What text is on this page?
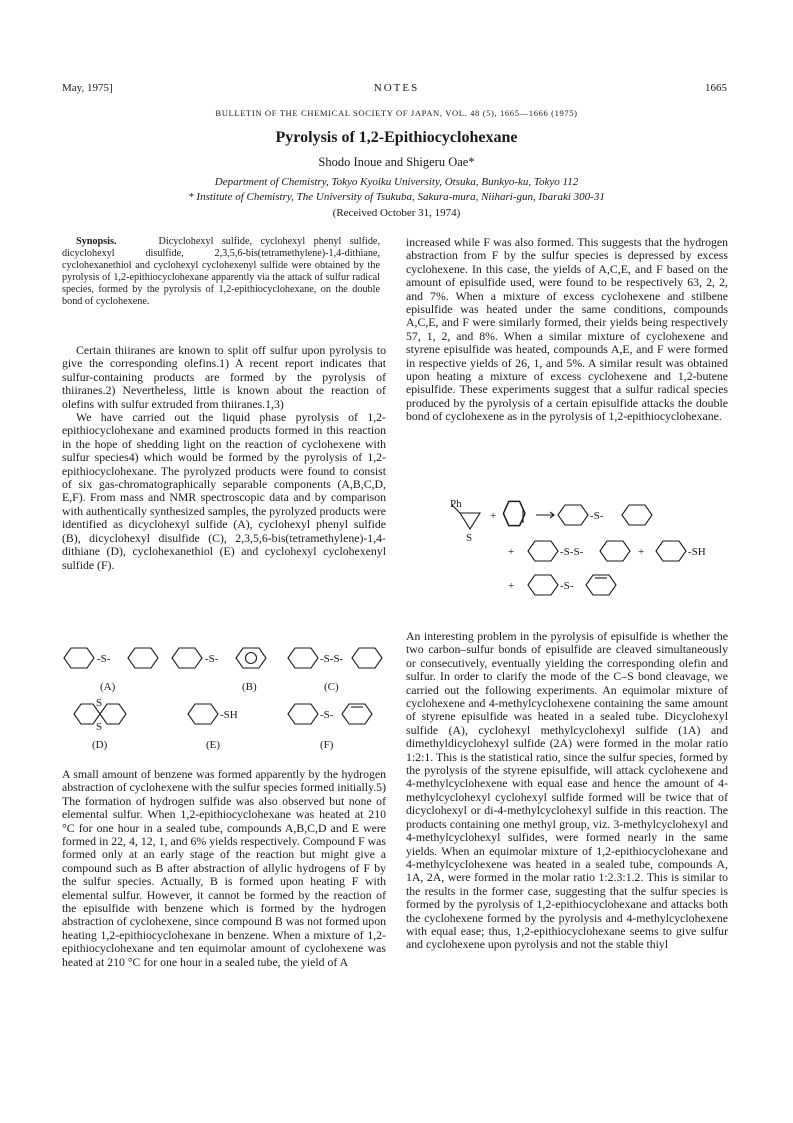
May, 1975]	NOTES	1665
BULLETIN OF THE CHEMICAL SOCIETY OF JAPAN, VOL. 48 (5), 1665—1666 (1975)
Pyrolysis of 1,2-Epithiocyclohexane
Shodo Inoue and Shigeru Oae*
Department of Chemistry, Tokyo Kyoiku University, Otsuka, Bunkyo-ku, Tokyo 112
* Institute of Chemistry, The University of Tsukuba, Sakura-mura, Niihari-gun, Ibaraki 300-31
(Received October 31, 1974)

Synopsis.	Dicyclohexyl sulfide, cyclohexyl phenyl sulfide, dicyclohexyl disulfide, 2,3,5,6-bis(tetramethylene)-1,4-dithiane, cyclohexanethiol and cyclohexyl cyclohexenyl sulfide were obtained by the pyrolysis of 1,2-epithiocyclohexane apparently via the attack of sulfur radical species, formed by the pyrolysis of 1,2-epithiocyclohexane, on the double bond of cyclohexene.

Certain thiiranes are known to split off sulfur upon pyrolysis to give the corresponding olefins.1) A recent report indicates that sulfur-containing products are formed by the pyrolysis of thiiranes.2) Nevertheless, little is known about the reaction of olefins with sulfur extruded from thiiranes.1,3)

We have carried out the liquid phase pyrolysis of 1,2-epithiocyclohexane and examined products formed in this reaction in the hope of shedding light on the reaction of cyclohexene with sulfur species4) which would be formed by the pyrolysis of 1,2-epithiocyclohexane. The pyrolyzed products were found to consist of six gas-chromatographically separable components (A,B,C,D, E,F). From mass and NMR spectroscopic data and by comparison with authentically synthesized samples, the pyrolyzed products were identified as dicyclohexyl sulfide (A), cyclohexyl phenyl sulfide (B), dicyclohexyl disulfide (C), 2,3,5,6-bis(tetramethylene)-1,4-dithiane (D), cyclohexanethiol (E) and cyclohexyl cyclohexenyl sulfide (F).

-S-	-S-	-S-S-
(A)	(B)	(C)
S
S
-SH	-S-
(D)	(E)	(F)

A small amount of benzene was formed apparently by the hydrogen abstraction of cyclohexene with the sulfur species formed initially.5) The formation of hydrogen sulfide was also observed but none of elemental sulfur. When 1,2-epithiocyclohexane was heated at 210 °C for one hour in a sealed tube, compounds A,B,C,D and E were formed in 22, 4, 12, 1, and 6% yields respectively. Compound F was formed only at an early stage of the reaction but might give a compound such as B after abstraction of allylic hydrogens of F by the sulfur species. Actually, B is formed upon heating F with elemental sulfur. However, it cannot be formed by the reaction of the episulfide with benzene which is formed by the hydrogen abstraction of cyclohexene, since compound B was not formed upon heating 1,2-epithiocyclohexane in benzene. When a mixture of 1,2-epithiocyclohexane and ten equimolar amount of cyclohexene was heated at 210 °C for one hour in a sealed tube, the yield of A

increased while F was also formed. This suggests that the hydrogen abstraction from F by the sulfur species is depressed by excess cyclohexene. In this case, the yields of A,C,E, and F based on the amount of episulfide used, were found to be respectively 63, 2, 2, and 7%. When a mixture of excess cyclohexene and stilbene episulfide was heated under the same conditions, compounds A,C,E, and F were similarly formed, their yields being respectively 57, 1, 2, and 8%. When a similar mixture of cyclohexene and styrene episulfide was heated, compounds A,E, and F were formed in respective yields of 26, 1, and 5%. A similar result was obtained upon heating a mixture of excess cyclohexene and 1,2-butene episulfide. These experiments suggest that a sulfur radical species produced by the pyrolysis of a certain episulfide attacks the double bond of cyclohexene as in the pyrolysis of 1,2-epithiocyclohexane.

Ph
S
+	-S-
+	-S-S-	+	-SH
+	-S-

An interesting problem in the pyrolysis of episulfide is whether the two carbon–sulfur bonds of episulfide are cleaved simultaneously or consecutively, eventually yielding the corresponding olefin and sulfur. In order to clarify the mode of the C–S bond cleavage, we carried out the following experiments. An equimolar mixture of cyclohexene and 4-methylcyclohexene containing the same amount of styrene episulfide was heated in a sealed tube. Dicyclohexyl sulfide (A), cyclohexyl methylcyclohexyl sulfide (1A) and dimethyldicyclohexyl sulfide (2A) were formed in the molar ratio 1:2:1. This is the statistical ratio, since the sulfur species, formed by the pyrolysis of the styrene episulfide, will attack cyclohexene and 4-methylcyclohexene with equal ease and hence the amount of 4-methylcyclohexyl cyclohexyl sulfide formed will be twice that of dicyclohexyl or di-4-methylcyclohexyl sulfide in this reaction. The products containing one methyl group, viz. 3-methylcyclohexyl and 4-methylcyclohexyl sulfides, were formed nearly in the same yields. When an equimolar mixture of 1,2-epithiocyclohexane and 4-methylcyclohexene was heated in a sealed tube, compounds A, 1A, 2A, were formed in the molar ratio 1:2.3:1.2. This is similar to the results in the former case, suggesting that the sulfur species is formed by the pyrolysis of 1,2-epithiocyclohexane and attacks both the cyclohexene formed by the pyrolysis and 4-methylcyclohexene with equal ease; thus, 1,2-epithiocyclohexane seems to give sulfur and cyclohexene upon pyrolysis and not the stable thiyl
